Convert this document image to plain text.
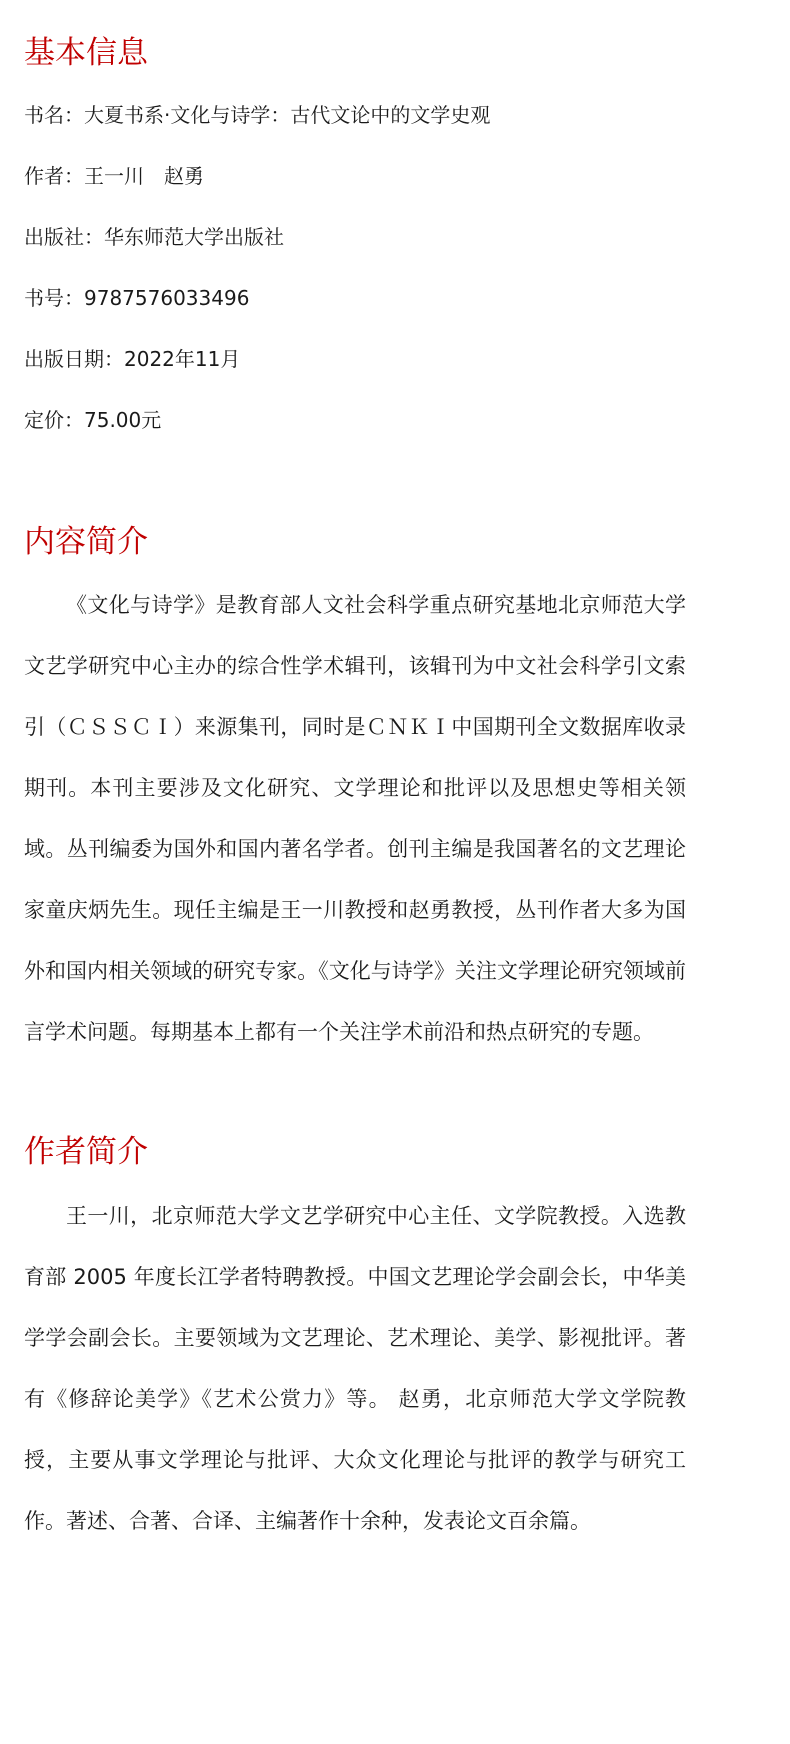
基本信息

书名：大夏书系·文化与诗学：古代文论中的文学史观

作者：王一川　赵勇

出版社：华东师范大学出版社

书号：9787576033496

出版日期：2022年11月

定价：75.00元

内容简介

《文化与诗学》是教育部人文社会科学重点研究基地北京师范大学文艺学研究中心主办的综合性学术辑刊，该辑刊为中文社会科学引文索引（ＣＳＳＣＩ）来源集刊，同时是ＣＮＫＩ中国期刊全文数据库收录期刊。本刊主要涉及文化研究、文学理论和批评以及思想史等相关领域。丛刊编委为国外和国内著名学者。创刊主编是我国著名的文艺理论家童庆炳先生。现任主编是王一川教授和赵勇教授，丛刊作者大多为国外和国内相关领域的研究专家。《文化与诗学》关注文学理论研究领域前言学术问题。每期基本上都有一个关注学术前沿和热点研究的专题。

作者简介

王一川，北京师范大学文艺学研究中心主任、文学院教授。入选教育部 2005 年度长江学者特聘教授。中国文艺理论学会副会长，中华美学学会副会长。主要领域为文艺理论、艺术理论、美学、影视批评。著有《修辞论美学》《艺术公赏力》等。 赵勇，北京师范大学文学院教授，主要从事文学理论与批评、大众文化理论与批评的教学与研究工作。著述、合著、合译、主编著作十余种，发表论文百余篇。
